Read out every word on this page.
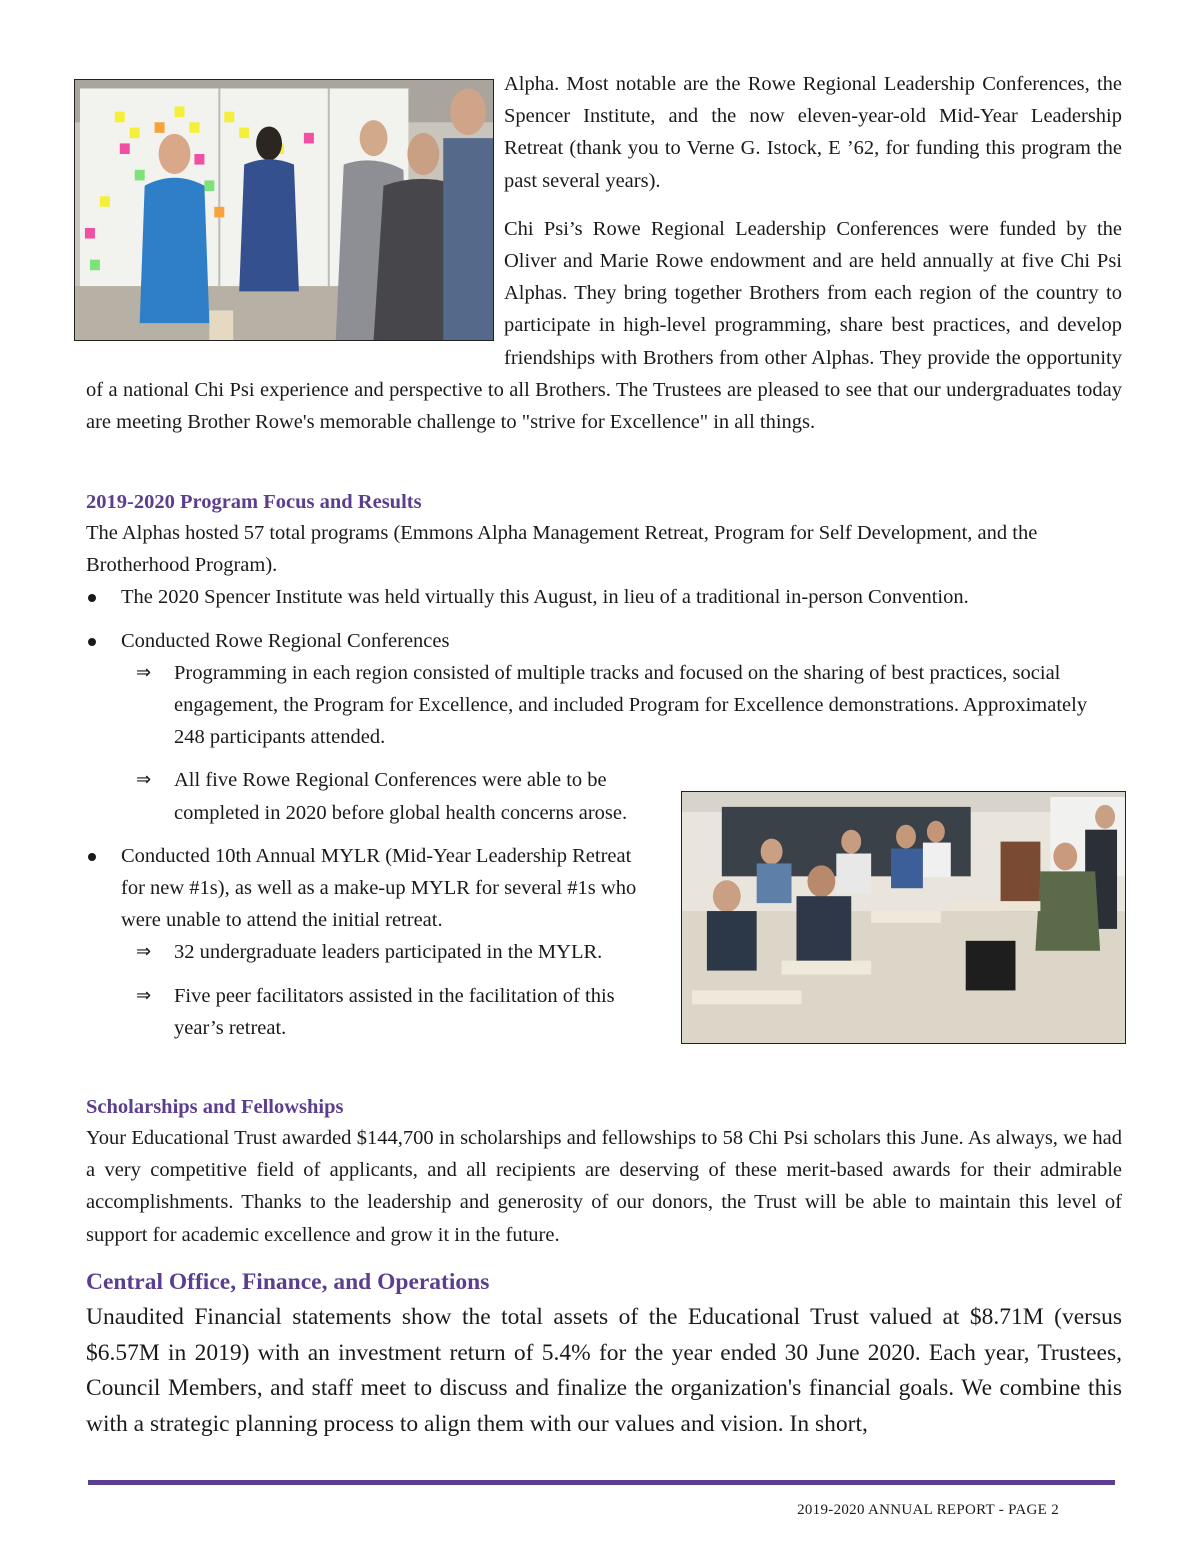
Alpha. Most notable are the Rowe Regional Leadership Conferences, the Spencer Institute, and the now eleven-year-old Mid-Year Leadership Retreat (thank you to Verne G. Istock, E ’62, for funding this program the past several years).

Chi Psi’s Rowe Regional Leadership Conferences were funded by the Oliver and Marie Rowe endowment and are held annually at five Chi Psi Alphas. They bring together Brothers from each region of the country to participate in high-level programming, share best practices, and develop friendships with Brothers from other Alphas. They provide the opportunity of a national Chi Psi experience and perspective to all Brothers. The Trustees are pleased to see that our undergraduates today are meeting Brother Rowe's memorable challenge to "strive for Excellence" in all things.

2019-2020 Program Focus and Results

The Alphas hosted 57 total programs (Emmons Alpha Management Retreat, Program for Self Development, and the Brotherhood Program).

The 2020 Spencer Institute was held virtually this August, in lieu of a traditional in-person Convention.
Conducted Rowe Regional Conferences
⇒ Programming in each region consisted of multiple tracks and focused on the sharing of best practices, social engagement, the Program for Excellence, and included Program for Excellence demonstrations. Approximately 248 participants attended.
⇒ All five Rowe Regional Conferences were able to be completed in 2020 before global health concerns arose.
Conducted 10th Annual MYLR (Mid-Year Leadership Retreat for new #1s), as well as a make-up MYLR for several #1s who were unable to attend the initial retreat.
⇒ 32 undergraduate leaders participated in the MYLR.
⇒ Five peer facilitators assisted in the facilitation of this year’s retreat.
Scholarships and Fellowships

Your Educational Trust awarded $144,700 in scholarships and fellowships to 58 Chi Psi scholars this June. As always, we had a very competitive field of applicants, and all recipients are deserving of these merit-based awards for their admirable accomplishments. Thanks to the leadership and generosity of our donors, the Trust will be able to maintain this level of support for academic excellence and grow it in the future.

Central Office, Finance, and Operations

Unaudited Financial statements show the total assets of the Educational Trust valued at $8.71M (versus $6.57M in 2019) with an investment return of 5.4% for the year ended 30 June 2020. Each year, Trustees, Council Members, and staff meet to discuss and finalize the organization's financial goals. We combine this with a strategic planning process to align them with our values and vision. In short,

2019-2020 ANNUAL REPORT - PAGE 2
